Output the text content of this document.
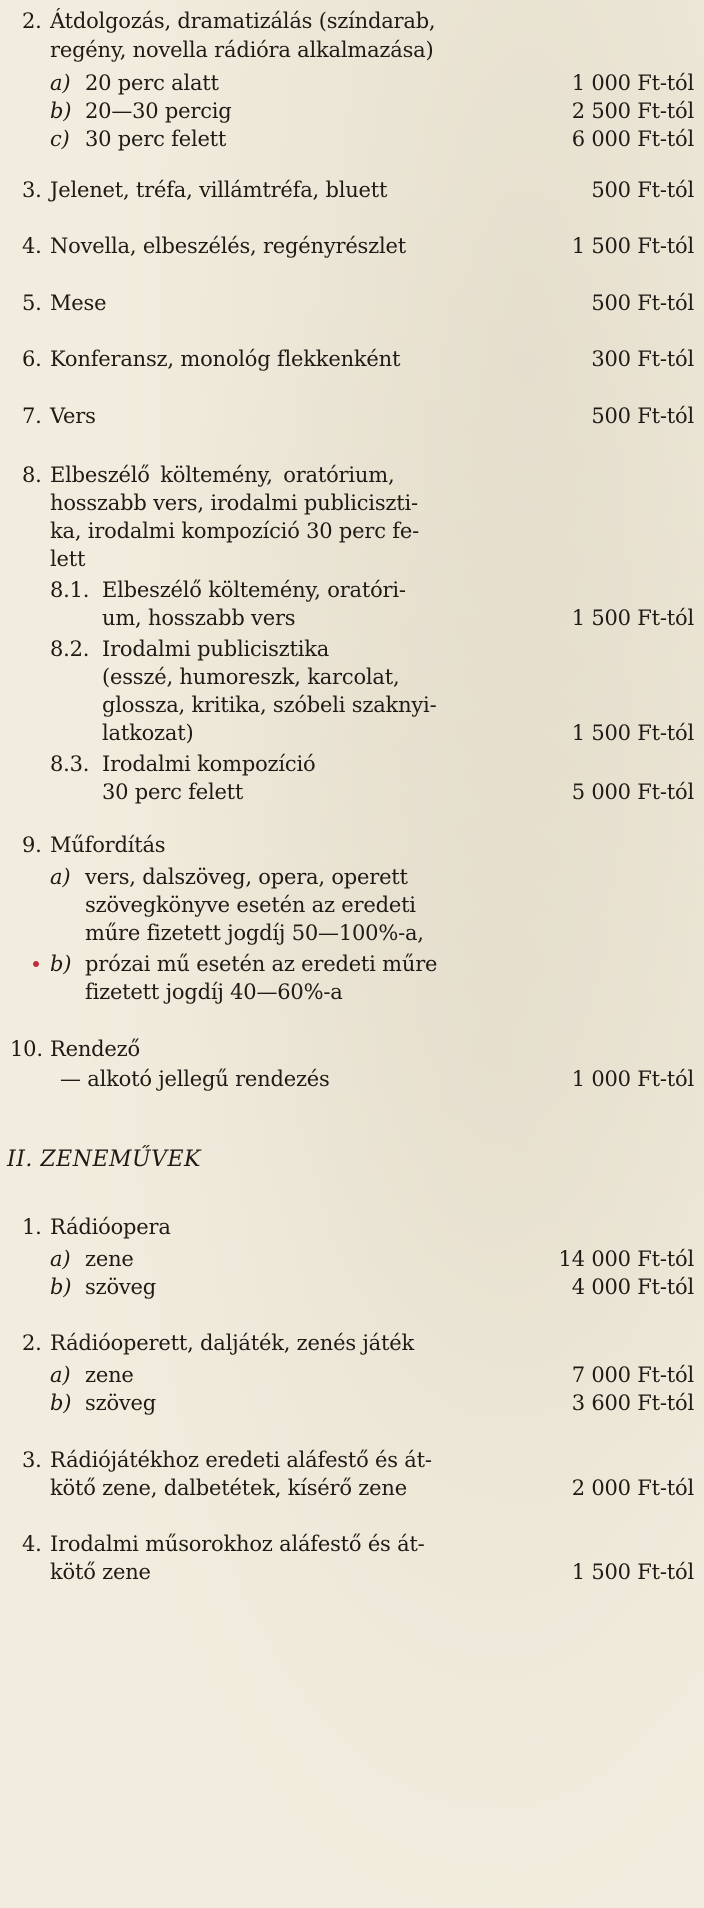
2. Átdolgozás, dramatizálás (színdarab,
regény, novella rádióra alkalmazása)
a) 20 perc alatt	1 000 Ft-tól
b) 20—30 percig	2 500 Ft-tól
c) 30 perc felett	6 000 Ft-tól
3. Jelenet, tréfa, villámtréfa, bluett	500 Ft-tól
4. Novella, elbeszélés, regényrészlet	1 500 Ft-tól
5. Mese	500 Ft-tól
6. Konferansz, monológ flekkenként	300 Ft-tól
7. Vers	500 Ft-tól
8. Elbeszélő költemény, oratórium,
hosszabb vers, irodalmi publiciszti-
ka, irodalmi kompozíció 30 perc fe-
lett
8.1. Elbeszélő költemény, oratóri-
um, hosszabb vers	1 500 Ft-tól
8.2. Irodalmi publicisztika
(esszé, humoreszk, karcolat,
glossza, kritika, szóbeli szaknyi-
latkozat)	1 500 Ft-tól
8.3. Irodalmi kompozíció
30 perc felett	5 000 Ft-tól
9. Műfordítás
a) vers, dalszöveg, opera, operett
szövegkönyve esetén az eredeti
műre fizetett jogdíj 50—100%-a,
b) prózai mű esetén az eredeti műre
fizetett jogdíj 40—60%-a
10. Rendező
— alkotó jellegű rendezés	1 000 Ft-tól
II. ZENEMŰVEK
1. Rádióopera
a) zene	14 000 Ft-tól
b) szöveg	4 000 Ft-tól
2. Rádióoperett, daljáték, zenés játék
a) zene	7 000 Ft-tól
b) szöveg	3 600 Ft-tól
3. Rádiójátékhoz eredeti aláfestő és át-
kötő zene, dalbetétek, kísérő zene	2 000 Ft-tól
4. Irodalmi műsorokhoz aláfestő és át-
kötő zene	1 500 Ft-tól
